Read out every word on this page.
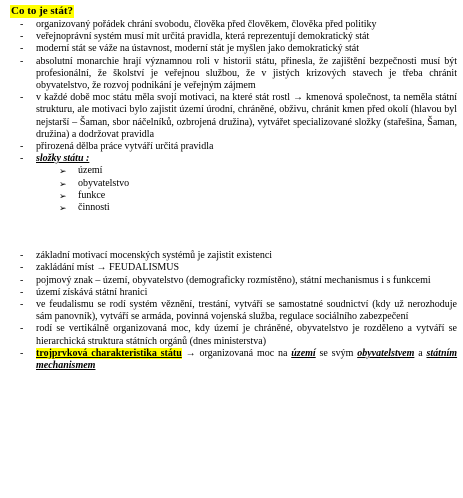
Co to je stát?
- organizovaný pořádek chrání svobodu, člověka před člověkem, člověka před politiky
- veřejnoprávní systém musí mít určitá pravidla, která reprezentují demokratický stát
- moderní stát se váže na ústavnost, moderní stát je myšlen jako demokratický stát
- absolutní monarchie hrají významnou roli v historii státu, přinesla, že zajištění bezpečnosti musí být profesionální, že školství je veřejnou službou, že v jistých krizových stavech je třeba chránit obyvatelstvo, že rozvoj podnikání je veřejným zájmem
- v každé době moc státu měla svojí motivaci, na které stát rostl → kmenová společnost, ta neměla státní strukturu, ale motivaci bylo zajistit území úrodní, chráněné, obživu, chránit kmen před okolí (hlavou byl nejstarší – Šaman, sbor náčelníků, ozbrojená družina), vytvářet specializované složky (stařešina, Šaman, družina) a dodržovat pravidla
- přirozená dělba práce vytváří určitá pravidla
- složky státu :
➢ území
➢ obyvatelstvo
➢ funkce
➢ činnosti
- základní motivací mocenských systémů je zajistit existenci
- zakládání míst → FEUDALISMUS
- pojmový znak – území, obyvatelstvo (demograficky rozmístěno), státní mechanismus i s funkcemi
- území získává státní hranici
- ve feudalismu se rodí systém věznění, trestání, vytváří se samostatné soudnictví (kdy už nerozhoduje sám panovník), vytváří se armáda, povinná vojenská služba, regulace sociálního zabezpečení
- rodí se vertikálně organizovaná moc, kdy území je chráněné, obyvatelstvo je rozděleno a vytváří se hierarchická struktura státních orgánů (dnes ministerstva)
- trojprvková charakteristika státu → organizovaná moc na území se svým obyvatelstvem a státním mechanismem
